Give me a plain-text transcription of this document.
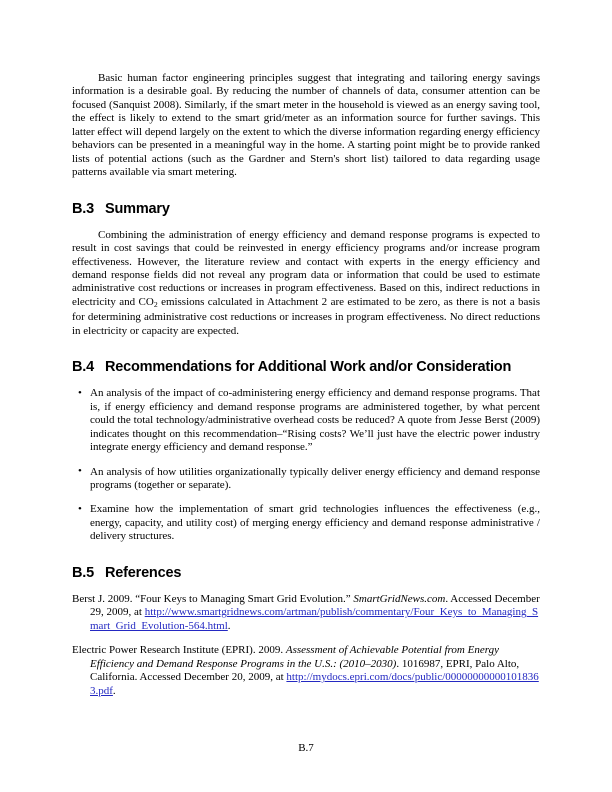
Basic human factor engineering principles suggest that integrating and tailoring energy savings information is a desirable goal. By reducing the number of channels of data, consumer attention can be focused (Sanquist 2008). Similarly, if the smart meter in the household is viewed as an energy saving tool, the effect is likely to extend to the smart grid/meter as an information source for further savings. This latter effect will depend largely on the extent to which the diverse information regarding energy efficiency behaviors can be presented in a meaningful way in the home. A starting point might be to provide ranked lists of potential actions (such as the Gardner and Stern's short list) tailored to data regarding usage patterns available via smart metering.

B.3 Summary

Combining the administration of energy efficiency and demand response programs is expected to result in cost savings that could be reinvested in energy efficiency programs and/or increase program effectiveness. However, the literature review and contact with experts in the energy efficiency and demand response fields did not reveal any program data or information that could be used to estimate administrative cost reductions or increases in program effectiveness. Based on this, indirect reductions in electricity and $CO_2$ emissions calculated in Attachment 2 are estimated to be zero, as there is not a basis for determining administrative cost reductions or increases in program effectiveness. No direct reductions in electricity or capacity are expected.

B.4 Recommendations for Additional Work and/or Consideration
• An analysis of the impact of co-administering energy efficiency and demand response programs. That is, if energy efficiency and demand response programs are administered together, by what percent could the total technology/administrative overhead costs be reduced? A quote from Jesse Berst (2009) indicates thought on this recommendation–“Rising costs? We’ll just have the electric power industry integrate energy efficiency and demand response.”
• An analysis of how utilities organizationally typically deliver energy efficiency and demand response programs (together or separate).
• Examine how the implementation of smart grid technologies influences the effectiveness (e.g., energy, capacity, and utility cost) of merging energy efficiency and demand response administrative / delivery structures.
B.5 References

Berst J. 2009. “Four Keys to Managing Smart Grid Evolution.” SmartGridNews.com. Accessed December 29, 2009, at http://www.smartgridnews.com/artman/publish/commentary/Four_Keys_to_Managing_Smart_Grid_Evolution-564.html.

Electric Power Research Institute (EPRI). 2009. Assessment of Achievable Potential from Energy Efficiency and Demand Response Programs in the U.S.: (2010–2030). 1016987, EPRI, Palo Alto, California. Accessed December 20, 2009, at http://mydocs.epri.com/docs/public/000000000001018363.pdf.

B.7
